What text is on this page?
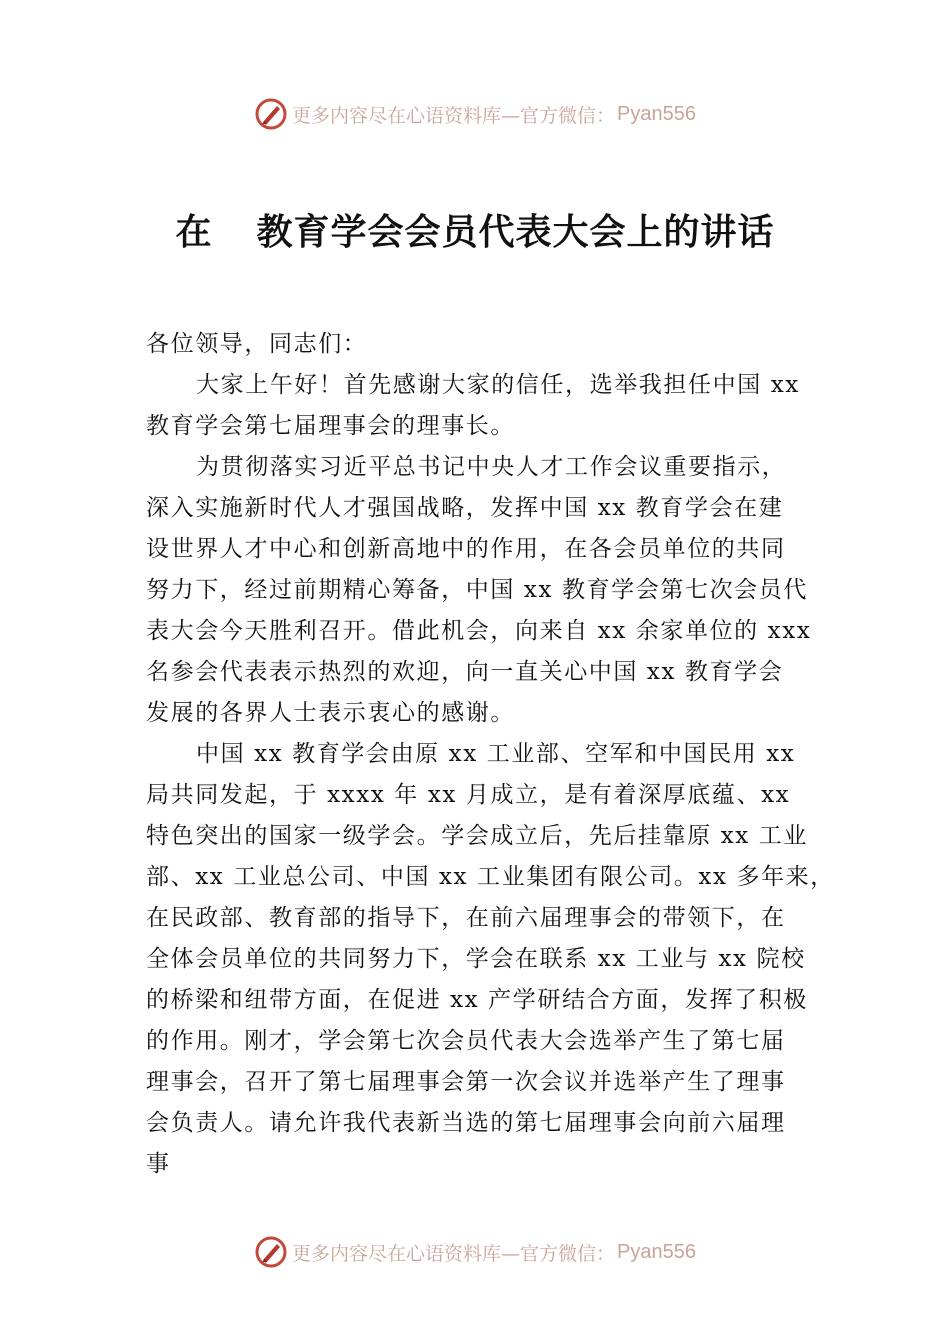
更多内容尽在心语资料库—官方微信： Pyan556
在 教育学会会员代表大会上的讲话
各位领导，同志们：
大家上午好！首先感谢大家的信任，选举我担任中国 xx
教育学会第七届理事会的理事长。
为贯彻落实习近平总书记中央人才工作会议重要指示，
深入实施新时代人才强国战略，发挥中国 xx 教育学会在建
设世界人才中心和创新高地中的作用，在各会员单位的共同
努力下，经过前期精心筹备，中国 xx 教育学会第七次会员代
表大会今天胜利召开。借此机会，向来自 xx 余家单位的 xxx
名参会代表表示热烈的欢迎，向一直关心中国 xx 教育学会
发展的各界人士表示衷心的感谢。
中国 xx 教育学会由原 xx 工业部、空军和中国民用 xx
局共同发起，于 xxxx 年 xx 月成立，是有着深厚底蕴、xx
特色突出的国家一级学会。学会成立后，先后挂靠原 xx 工业
部、xx 工业总公司、中国 xx 工业集团有限公司。xx 多年来，
在民政部、教育部的指导下，在前六届理事会的带领下，在
全体会员单位的共同努力下，学会在联系 xx 工业与 xx 院校
的桥梁和纽带方面，在促进 xx 产学研结合方面，发挥了积极
的作用。刚才，学会第七次会员代表大会选举产生了第七届
理事会，召开了第七届理事会第一次会议并选举产生了理事
会负责人。请允许我代表新当选的第七届理事会向前六届理
事
更多内容尽在心语资料库—官方微信： Pyan556
